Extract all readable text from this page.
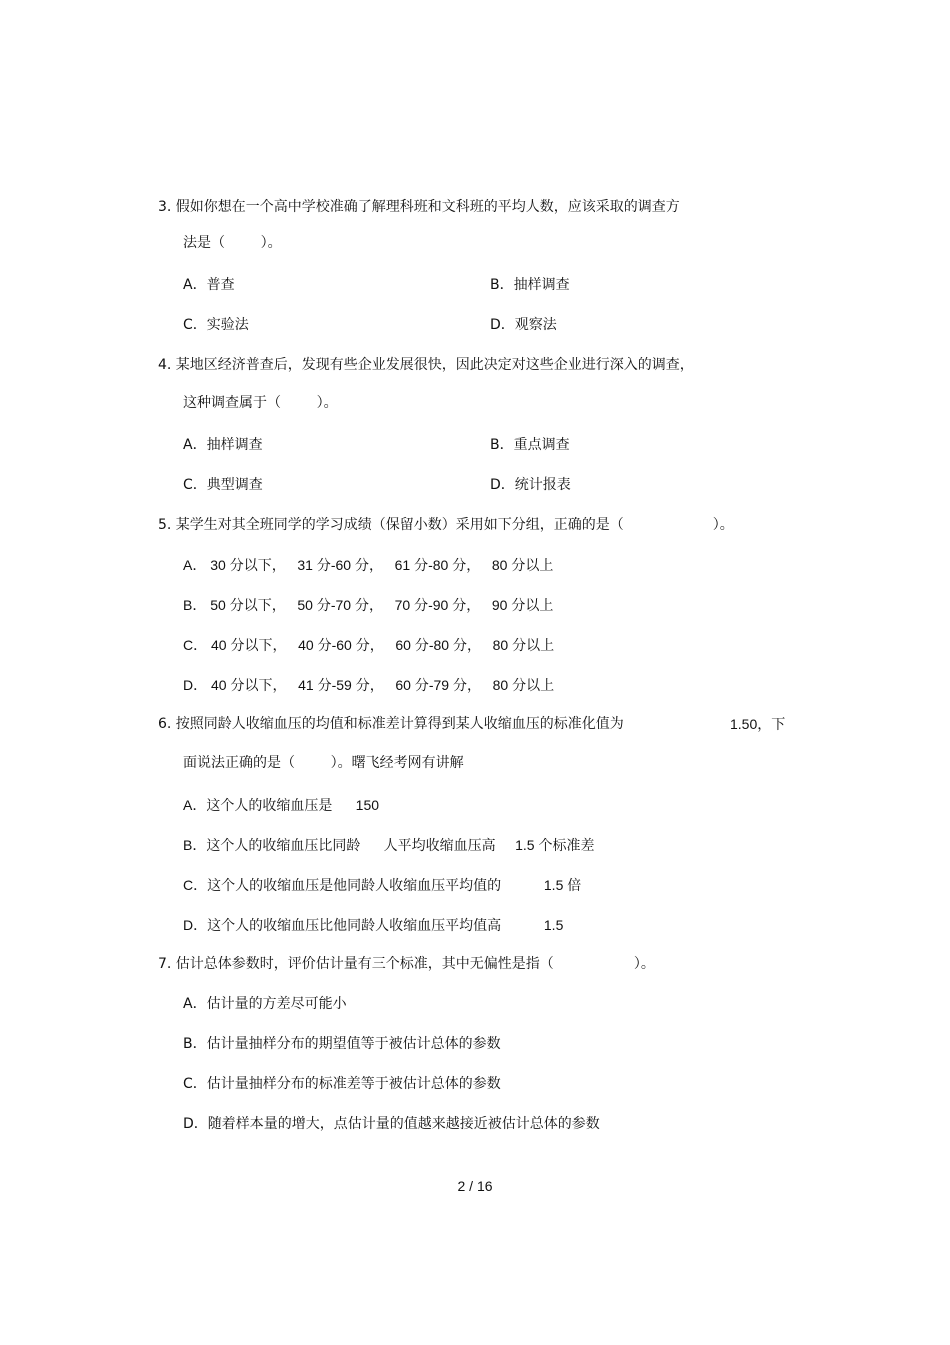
3. 假如你想在一个高中学校准确了解理科班和文科班的平均人数，应该采取的调查方
法是（        ）。
A．普查	B．抽样调查
C．实验法	D．观察法
4. 某地区经济普查后，发现有些企业发展很快，因此决定对这些企业进行深入的调查，
这种调查属于（        ）。
A．抽样调查	B．重点调查
C．典型调查	D．统计报表
5. 某学生对其全班同学的学习成绩（保留小数）采用如下分组，正确的是（                    ）。
A． 30 分以下，   31 分-60 分，   61 分-80 分，   80 分以上
B． 50 分以下，   50 分-70 分，   70 分-90 分，   90 分以上
C． 40 分以下，   40 分-60 分，   60 分-80 分，   80 分以上
D． 40 分以下，   41 分-59 分，   60 分-79 分，   80 分以上
6. 按照同龄人收缩血压的均值和标准差计算得到某人收缩血压的标准化值为	1.50，下
面说法正确的是（        ）。曙飞经考网有讲解
A．这个人的收缩血压是      150
B．这个人的收缩血压比同龄      人平均收缩血压高     1.5 个标准差
C．这个人的收缩血压是他同龄人收缩血压平均值的           1.5 倍
D．这个人的收缩血压比他同龄人收缩血压平均值高           1.5
7. 估计总体参数时，评价估计量有三个标准，其中无偏性是指（                  ）。
A．估计量的方差尽可能小
B．估计量抽样分布的期望值等于被估计总体的参数
C．估计量抽样分布的标准差等于被估计总体的参数
D．随着样本量的增大，点估计量的值越来越接近被估计总体的参数
2 / 16
